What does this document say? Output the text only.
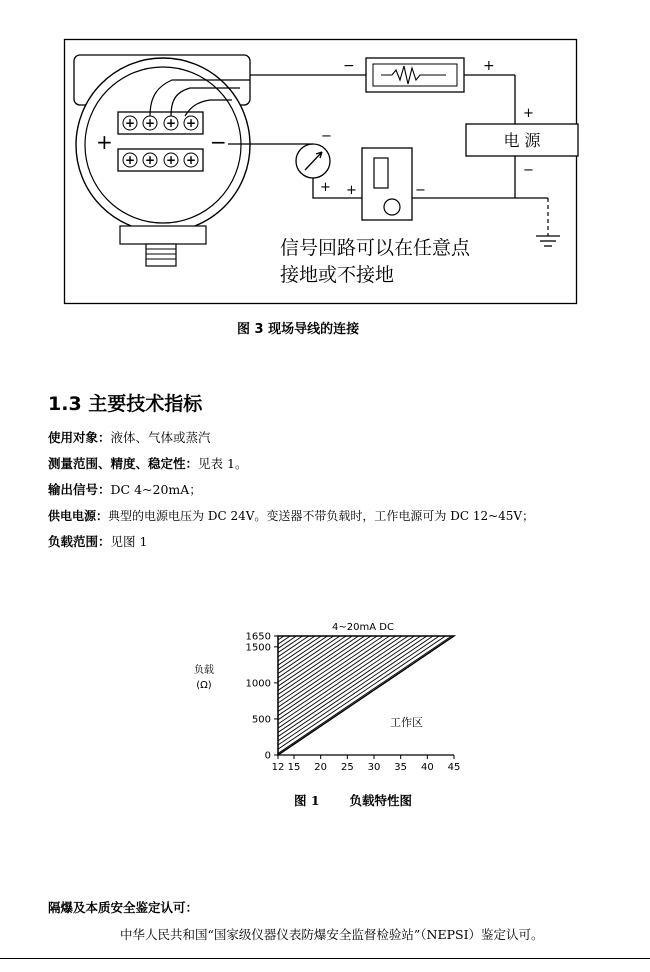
+	−
+ + + +
+ + + +
−	+
电 源
+
−
−
+ +	−
信号回路可以在任意点
接地或不接地
图 3 现场导线的连接
1.3 主要技术指标
使用对象：液体、气体或蒸汽
测量范围、精度、稳定性：见表 1。
输出信号：DC 4~20mA；
供电电源：典型的电源电压为 DC 24V。变送器不带负载时，工作电源可为 DC 12~45V；
负载范围：见图 1
4~20mA DC
负载
(Ω)
12 15 20 25 30 35 40 45
0
500
1000
1500
1650
工作区
图 1 负载特性图
隔爆及本质安全鉴定认可：
中华人民共和国“国家级仪器仪表防爆安全监督检验站”（NEPSI）鉴定认可。
